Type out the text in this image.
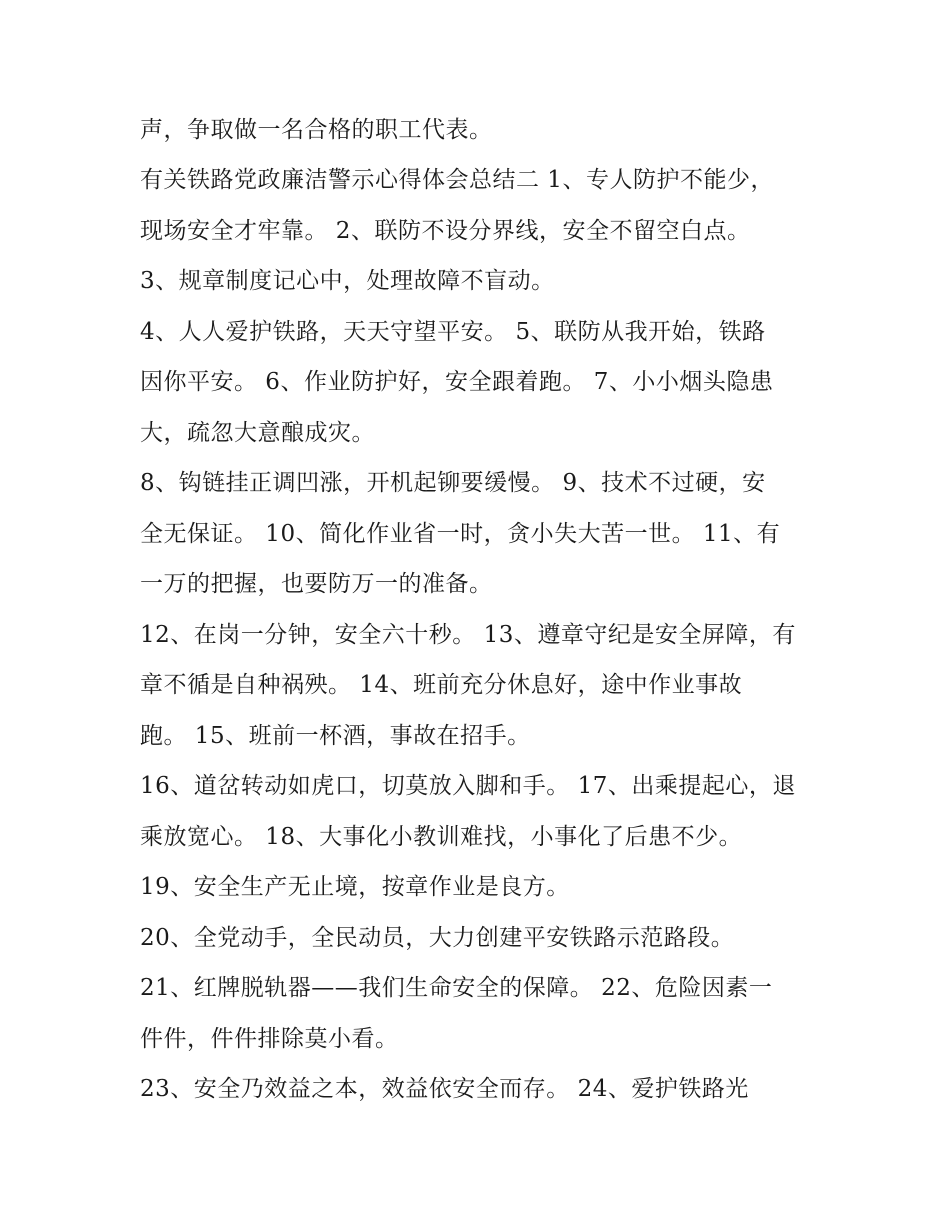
声，争取做一名合格的职工代表。
有关铁路党政廉洁警示心得体会总结二 1、专人防护不能少，
现场安全才牢靠。 2、联防不设分界线，安全不留空白点。
3、规章制度记心中，处理故障不盲动。
4、人人爱护铁路，天天守望平安。 5、联防从我开始，铁路
因你平安。 6、作业防护好，安全跟着跑。 7、小小烟头隐患
大，疏忽大意酿成灾。
8、钩链挂正调凹涨，开机起铆要缓慢。 9、技术不过硬，安
全无保证。 10、简化作业省一时，贪小失大苦一世。 11、有
一万的把握，也要防万一的准备。
12、在岗一分钟，安全六十秒。 13、遵章守纪是安全屏障，有
章不循是自种祸殃。 14、班前充分休息好，途中作业事故
跑。 15、班前一杯酒，事故在招手。
16、道岔转动如虎口，切莫放入脚和手。 17、出乘提起心，退
乘放宽心。 18、大事化小教训难找，小事化了后患不少。
19、安全生产无止境，按章作业是良方。
20、全党动手，全民动员，大力创建平安铁路示范路段。
21、红牌脱轨器——我们生命安全的保障。 22、危险因素一
件件，件件排除莫小看。
23、安全乃效益之本，效益依安全而存。 24、爱护铁路光
